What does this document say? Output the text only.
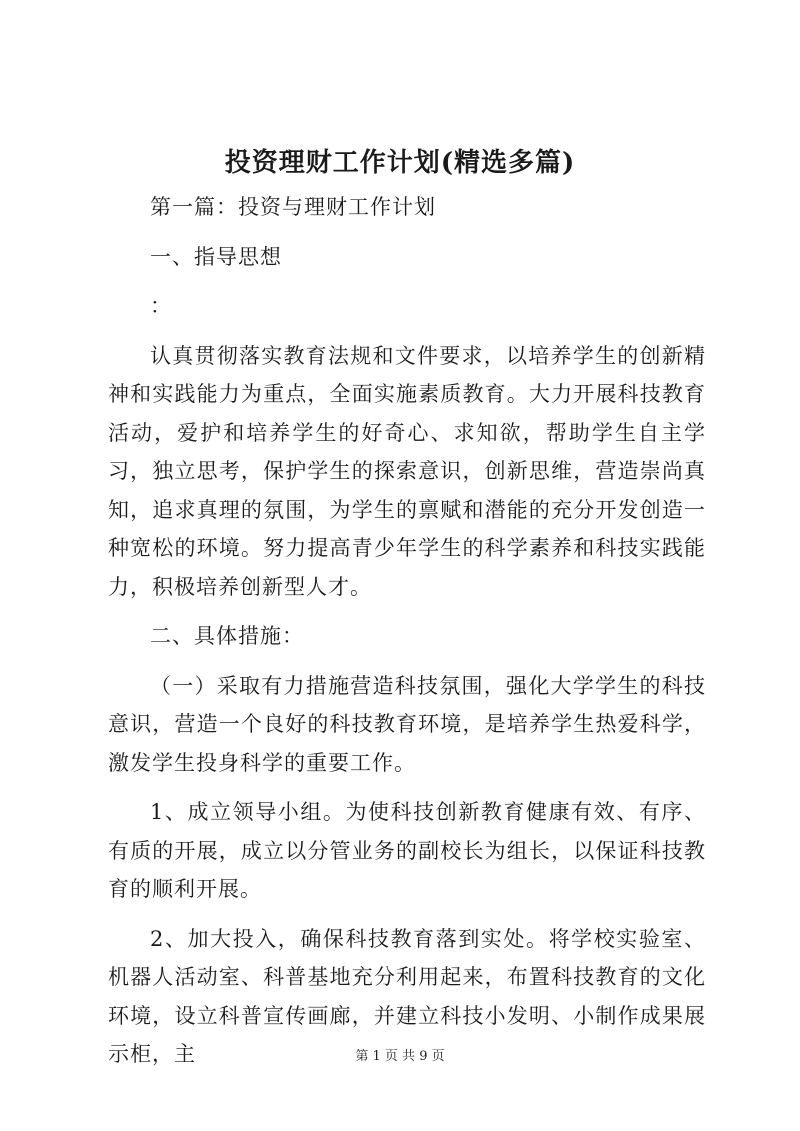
投资理财工作计划(精选多篇)

第一篇：投资与理财工作计划

一、指导思想

：

认真贯彻落实教育法规和文件要求，以培养学生的创新精神和实践能力为重点，全面实施素质教育。大力开展科技教育活动，爱护和培养学生的好奇心、求知欲，帮助学生自主学习，独立思考，保护学生的探索意识，创新思维，营造崇尚真知，追求真理的氛围，为学生的禀赋和潜能的充分开发创造一种宽松的环境。努力提高青少年学生的科学素养和科技实践能力，积极培养创新型人才。

二、具体措施：

（一）采取有力措施营造科技氛围，强化大学学生的科技意识，营造一个良好的科技教育环境，是培养学生热爱科学，激发学生投身科学的重要工作。

1、成立领导小组。为使科技创新教育健康有效、有序、有质的开展，成立以分管业务的副校长为组长，以保证科技教育的顺利开展。

2、加大投入，确保科技教育落到实处。将学校实验室、机器人活动室、科普基地充分利用起来，布置科技教育的文化环境，设立科普宣传画廊，并建立科技小发明、小制作成果展示柜，主	第 1 页 共 9 页
